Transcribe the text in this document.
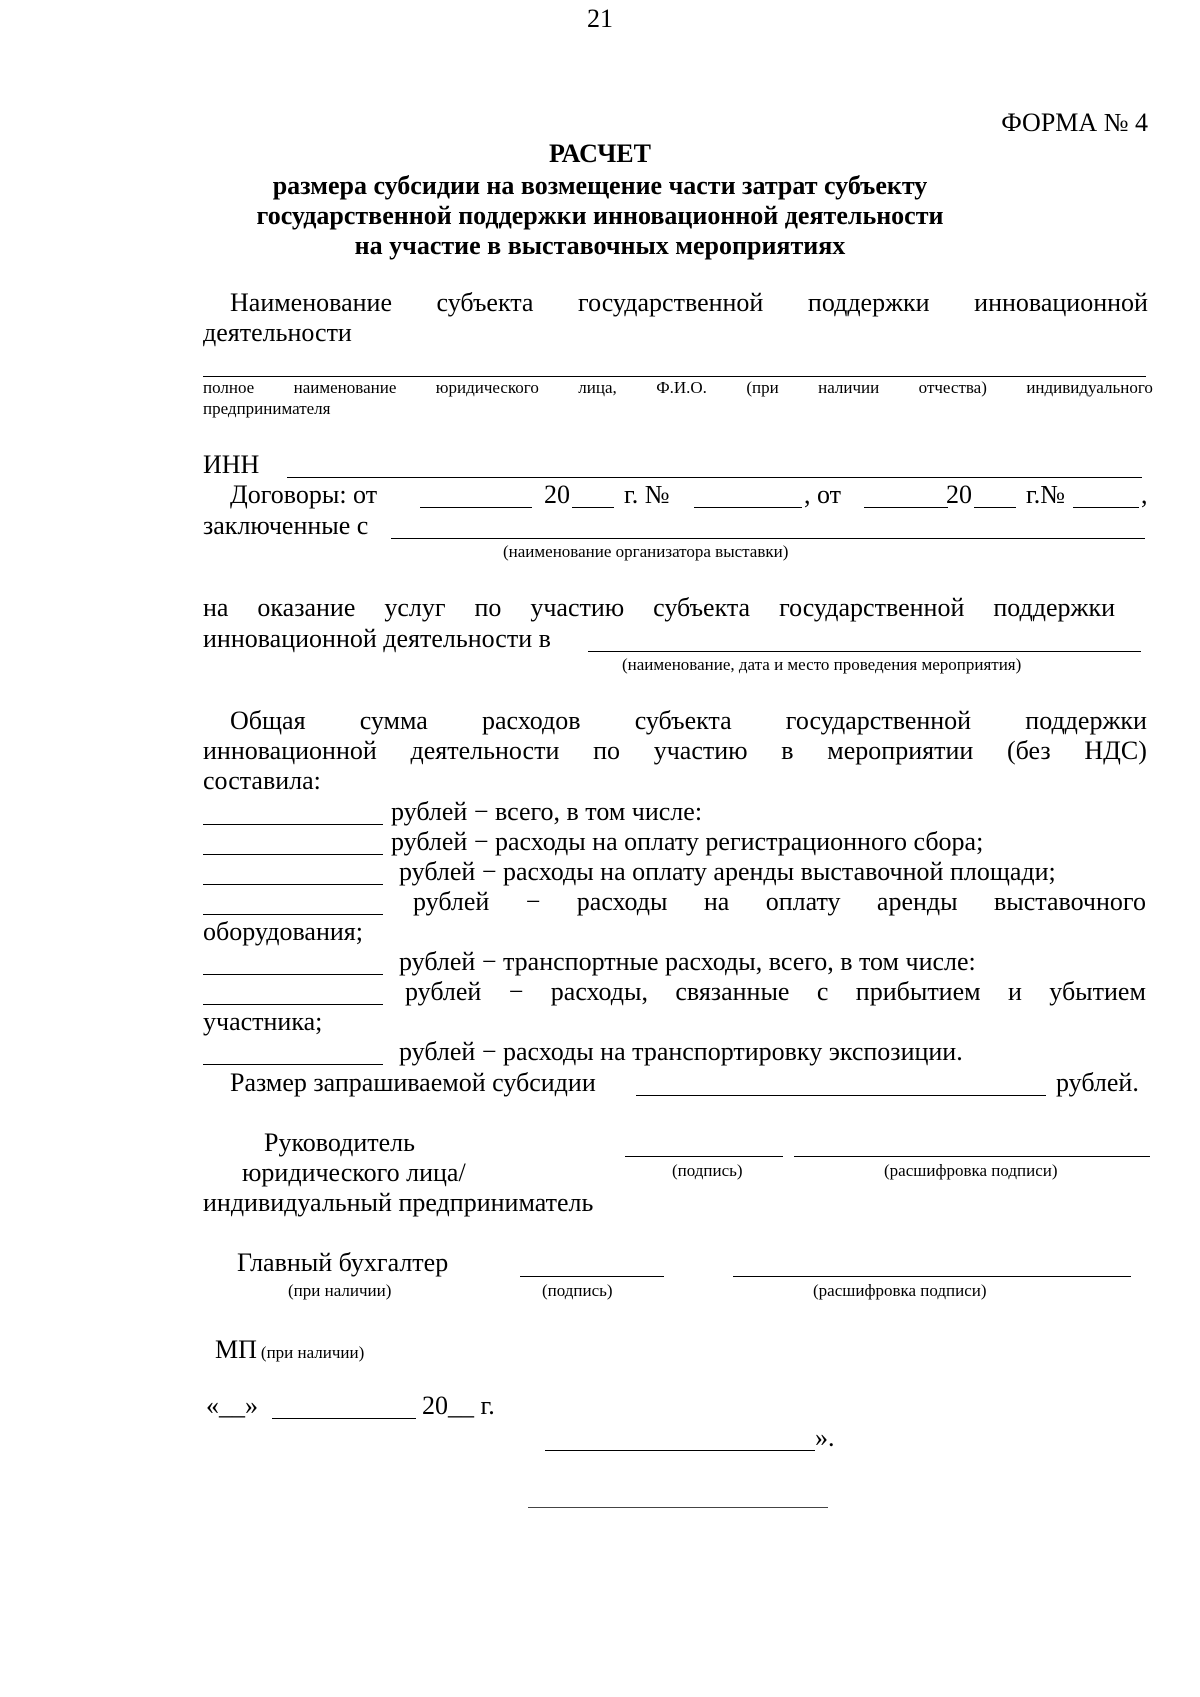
21
ФОРМА № 4
РАСЧЕТ
размера субсидии на возмещение части затрат субъекту
государственной поддержки инновационной деятельности
на участие в выставочных мероприятиях
Наименование субъекта государственной поддержки инновационной
деятельности
полное наименование юридического лица, Ф.И.О. (при наличии отчества) индивидуального
предпринимателя
ИНН
Договоры: от	20 г. №	, от	20 г.№	,
заключенные с
(наименование организатора выставки)
на оказание услуг по участию субъекта государственной поддержки
инновационной деятельности в
(наименование, дата и место проведения мероприятия)
Общая сумма расходов субъекта государственной поддержки
инновационной деятельности по участию в мероприятии (без НДС)
составила:
рублей − всего, в том числе:
рублей − расходы на оплату регистрационного сбора;
рублей − расходы на оплату аренды выставочной площади;
рублей − расходы на оплату аренды выставочного
оборудования;
рублей − транспортные расходы, всего, в том числе:
рублей − расходы, связанные с прибытием и убытием
участника;
рублей − расходы на транспортировку экспозиции.
Размер запрашиваемой субсидии	рублей.
Руководитель
юридического лица/
индивидуальный предприниматель
(подпись)	(расшифровка подписи)
Главный бухгалтер
(при наличии)	(подпись)	(расшифровка подписи)
МП (при наличии)
«__»	20__ г.
».
